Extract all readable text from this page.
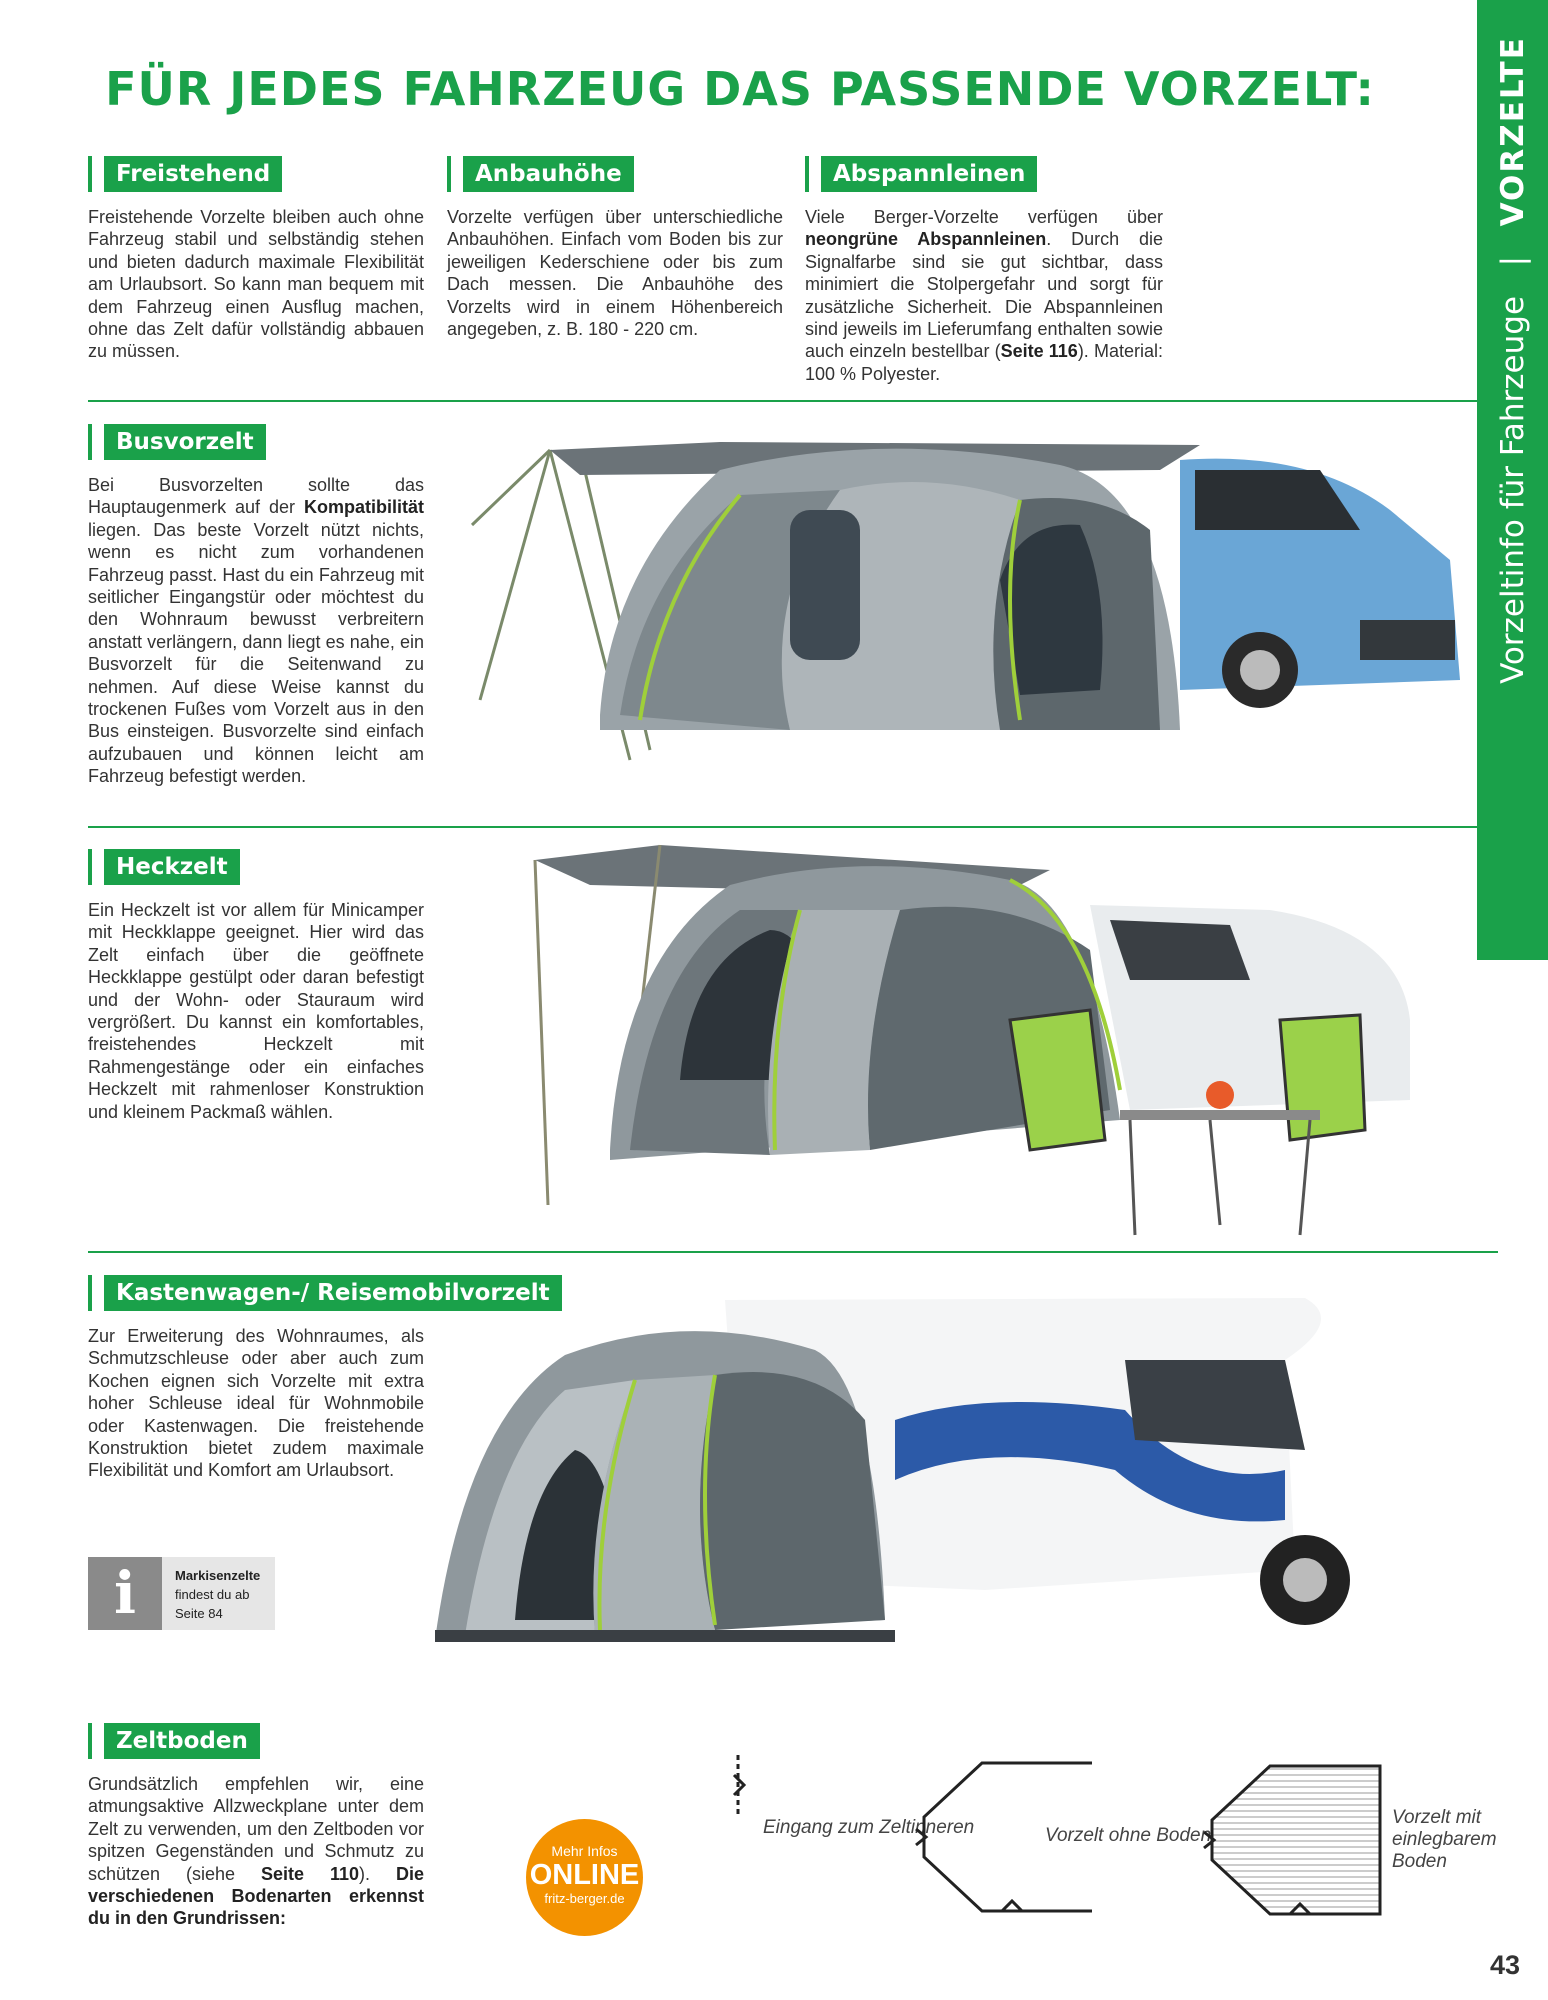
FÜR JEDES FAHRZEUG DAS PASSENDE VORZELT:
Vorzeltinfo für Fahrzeuge   |   VORZELTE
Freistehend
Freistehende Vorzelte bleiben auch ohne Fahrzeug stabil und selbständig stehen und bieten dadurch maximale Flexibilität am Urlaubsort. So kann man bequem mit dem Fahrzeug einen Ausflug machen, ohne das Zelt dafür vollständig abbauen zu müssen.
Anbauhöhe
Vorzelte verfügen über unterschiedliche Anbauhöhen. Einfach vom Boden bis zur jeweiligen Kederschiene oder bis zum Dach messen. Die Anbauhöhe des Vorzelts wird in einem Höhenbereich angegeben, z. B. 180 - 220 cm.
Abspannleinen
Viele Berger-Vorzelte verfügen über neongrüne Abspannleinen. Durch die Signalfarbe sind sie gut sichtbar, dass minimiert die Stolpergefahr und sorgt für zusätzliche Sicherheit. Die Abspannleinen sind jeweils im Lieferumfang enthalten sowie auch einzeln bestellbar (Seite 116). Material: 100 % Polyester.
Busvorzelt
Bei Busvorzelten sollte das Hauptaugenmerk auf der Kompatibilität liegen. Das beste Vorzelt nützt nichts, wenn es nicht zum vorhandenen Fahrzeug passt. Hast du ein Fahrzeug mit seitlicher Eingangstür oder möchtest du den Wohnraum bewusst verbreitern anstatt verlängern, dann liegt es nahe, ein Busvorzelt für die Seitenwand zu nehmen. Auf diese Weise kannst du trockenen Fußes vom Vorzelt aus in den Bus einsteigen. Busvorzelte sind einfach aufzubauen und können leicht am Fahrzeug befestigt werden.
Heckzelt
Ein Heckzelt ist vor allem für Minicamper mit Heckklappe geeignet. Hier wird das Zelt einfach über die geöffnete Heckklappe gestülpt oder daran befestigt und der Wohn- oder Stauraum wird vergrößert. Du kannst ein komfortables, freistehendes Heckzelt mit Rahmengestänge oder ein einfaches Heckzelt mit rahmenloser Konstruktion und kleinem Packmaß wählen.
Kastenwagen-/ Reisemobilvorzelt
Zur Erweiterung des Wohnraumes, als Schmutzschleuse oder aber auch zum Kochen eignen sich Vorzelte mit extra hoher Schleuse ideal für Wohnmobile oder Kastenwagen. Die freistehende Konstruktion bietet zudem maximale Flexibilität und Komfort am Urlaubsort.
i	Markisenzelte
findest du ab
Seite 84
Zeltboden
Grundsätzlich empfehlen wir, eine atmungsaktive Allzweckplane unter dem Zelt zu verwenden, um den Zeltboden vor spitzen Gegenständen und Schmutz zu schützen (siehe Seite 110). Die verschiedenen Bodenarten erkennst du in den Grundrissen:
Mehr Infos
ONLINE
fritz-berger.de
Eingang zum Zeltinneren	Vorzelt ohne Boden
Vorzelt mit einlegbarem Boden
43
